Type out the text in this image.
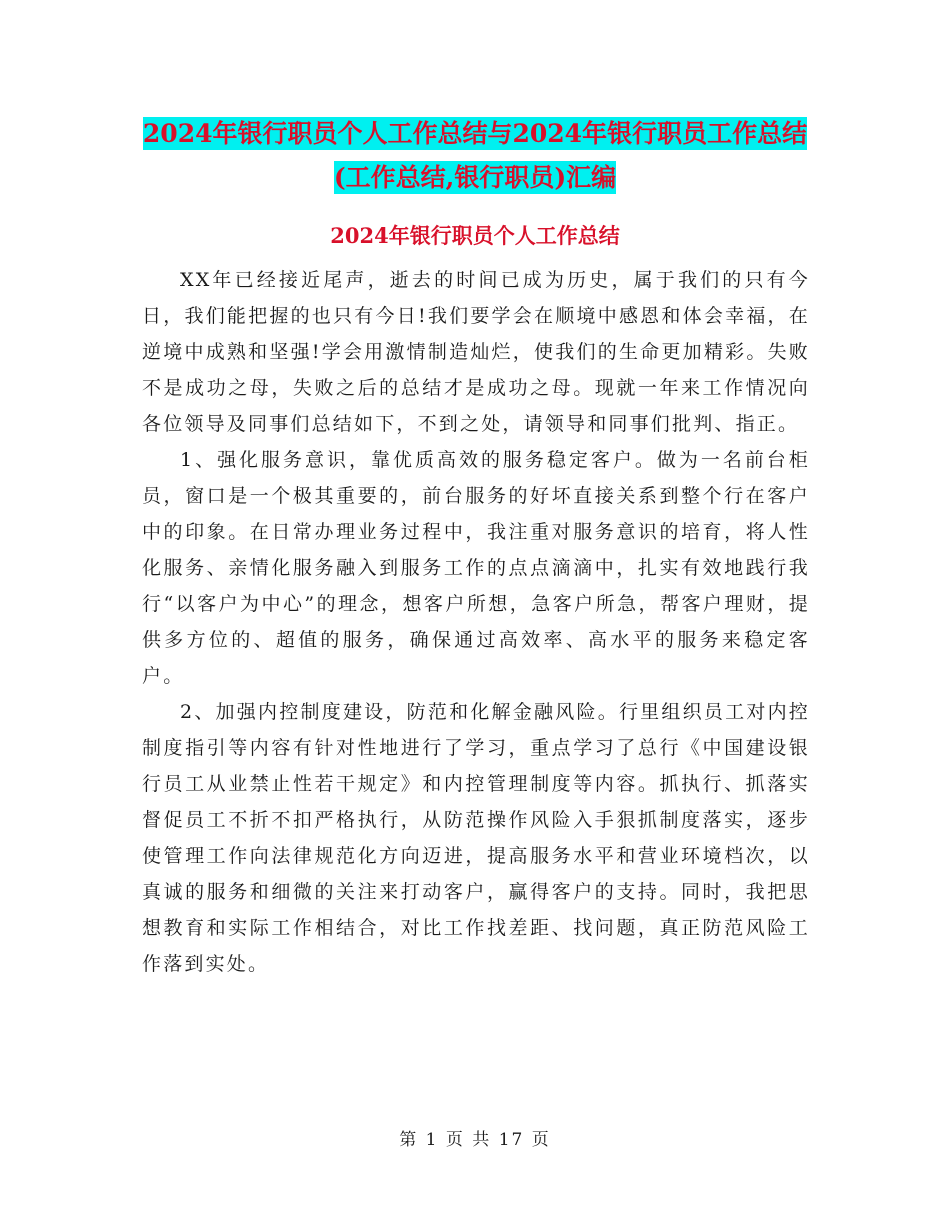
2024年银行职员个人工作总结与2024年银行职员工作总结(工作总结,银行职员)汇编
2024年银行职员个人工作总结

XX年已经接近尾声，逝去的时间已成为历史，属于我们的只有今日，我们能把握的也只有今日!我们要学会在顺境中感恩和体会幸福，在逆境中成熟和坚强!学会用激情制造灿烂，使我们的生命更加精彩。失败不是成功之母，失败之后的总结才是成功之母。现就一年来工作情况向各位领导及同事们总结如下，不到之处，请领导和同事们批判、指正。

1、强化服务意识，靠优质高效的服务稳定客户。做为一名前台柜员，窗口是一个极其重要的，前台服务的好坏直接关系到整个行在客户中的印象。在日常办理业务过程中，我注重对服务意识的培育，将人性化服务、亲情化服务融入到服务工作的点点滴滴中，扎实有效地践行我行“以客户为中心”的理念，想客户所想，急客户所急，帮客户理财，提供多方位的、超值的服务，确保通过高效率、高水平的服务来稳定客户。

2、加强内控制度建设，防范和化解金融风险。行里组织员工对内控制度指引等内容有针对性地进行了学习，重点学习了总行《中国建设银行员工从业禁止性若干规定》和内控管理制度等内容。抓执行、抓落实督促员工不折不扣严格执行，从防范操作风险入手狠抓制度落实，逐步使管理工作向法律规范化方向迈进，提高服务水平和营业环境档次，以真诚的服务和细微的关注来打动客户，赢得客户的支持。同时，我把思想教育和实际工作相结合，对比工作找差距、找问题，真正防范风险工作落到实处。

第 1 页 共 17 页
